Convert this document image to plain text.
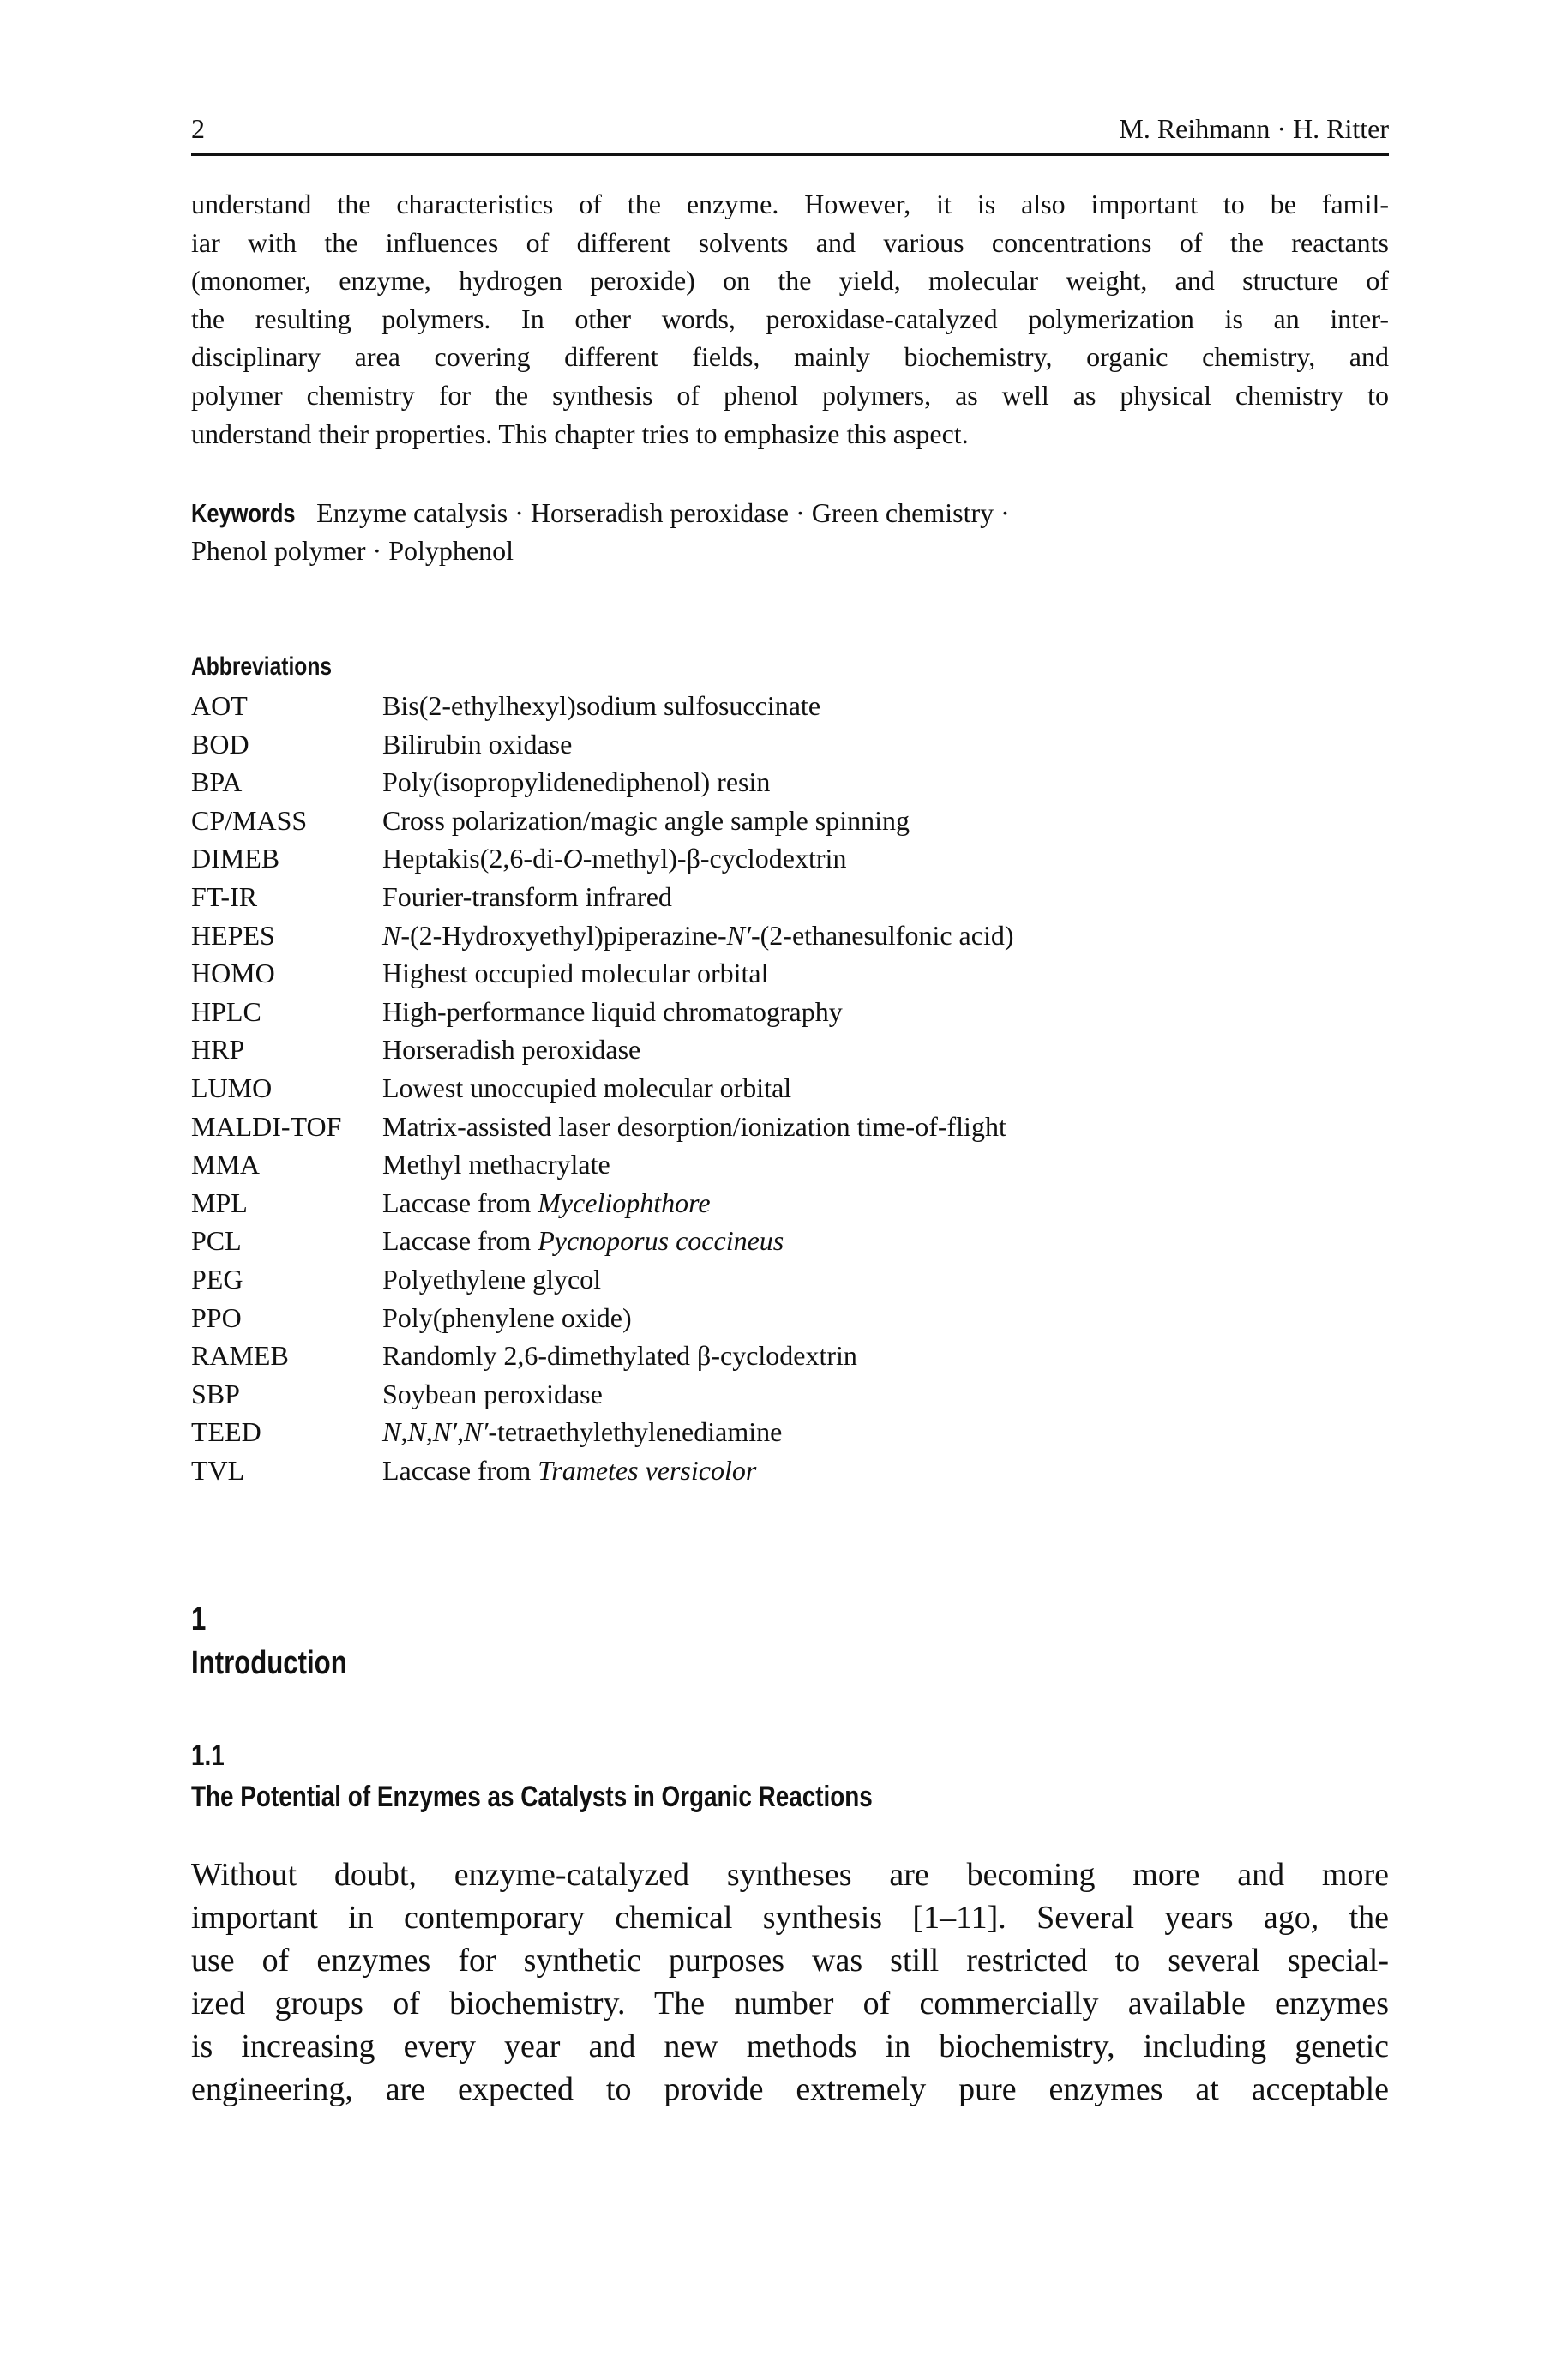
2	M. Reihmann · H. Ritter
understand the characteristics of the enzyme. However, it is also important to be famil-
iar with the influences of different solvents and various concentrations of the reactants
(monomer, enzyme, hydrogen peroxide) on the yield, molecular weight, and structure of
the resulting polymers. In other words, peroxidase-catalyzed polymerization is an inter-
disciplinary area covering different fields, mainly biochemistry, organic chemistry, and
polymer chemistry for the synthesis of phenol polymers, as well as physical chemistry to
understand their properties. This chapter tries to emphasize this aspect.
Keywords Enzyme catalysis · Horseradish peroxidase · Green chemistry ·
Phenol polymer · Polyphenol
Abbreviations
AOT	Bis(2-ethylhexyl)sodium sulfosuccinate
BOD	Bilirubin oxidase
BPA	Poly(isopropylidenediphenol) resin
CP/MASS	Cross polarization/magic angle sample spinning
DIMEB	Heptakis(2,6-di-O-methyl)-β-cyclodextrin
FT-IR	Fourier-transform infrared
HEPES	N-(2-Hydroxyethyl)piperazine-N′-(2-ethanesulfonic acid)
HOMO	Highest occupied molecular orbital
HPLC	High-performance liquid chromatography
HRP	Horseradish peroxidase
LUMO	Lowest unoccupied molecular orbital
MALDI-TOF Matrix-assisted laser desorption/ionization time-of-flight
MMA	Methyl methacrylate
MPL	Laccase from Myceliophthore
PCL	Laccase from Pycnoporus coccineus
PEG	Polyethylene glycol
PPO	Poly(phenylene oxide)
RAMEB	Randomly 2,6-dimethylated β-cyclodextrin
SBP	Soybean peroxidase
TEED	N,N,N′,N′-tetraethylethylenediamine
TVL	Laccase from Trametes versicolor
1
Introduction
1.1
The Potential of Enzymes as Catalysts in Organic Reactions
Without doubt, enzyme-catalyzed syntheses are becoming more and more
important in contemporary chemical synthesis [1–11]. Several years ago, the
use of enzymes for synthetic purposes was still restricted to several special-
ized groups of biochemistry. The number of commercially available enzymes
is increasing every year and new methods in biochemistry, including genetic
engineering, are expected to provide extremely pure enzymes at acceptable
